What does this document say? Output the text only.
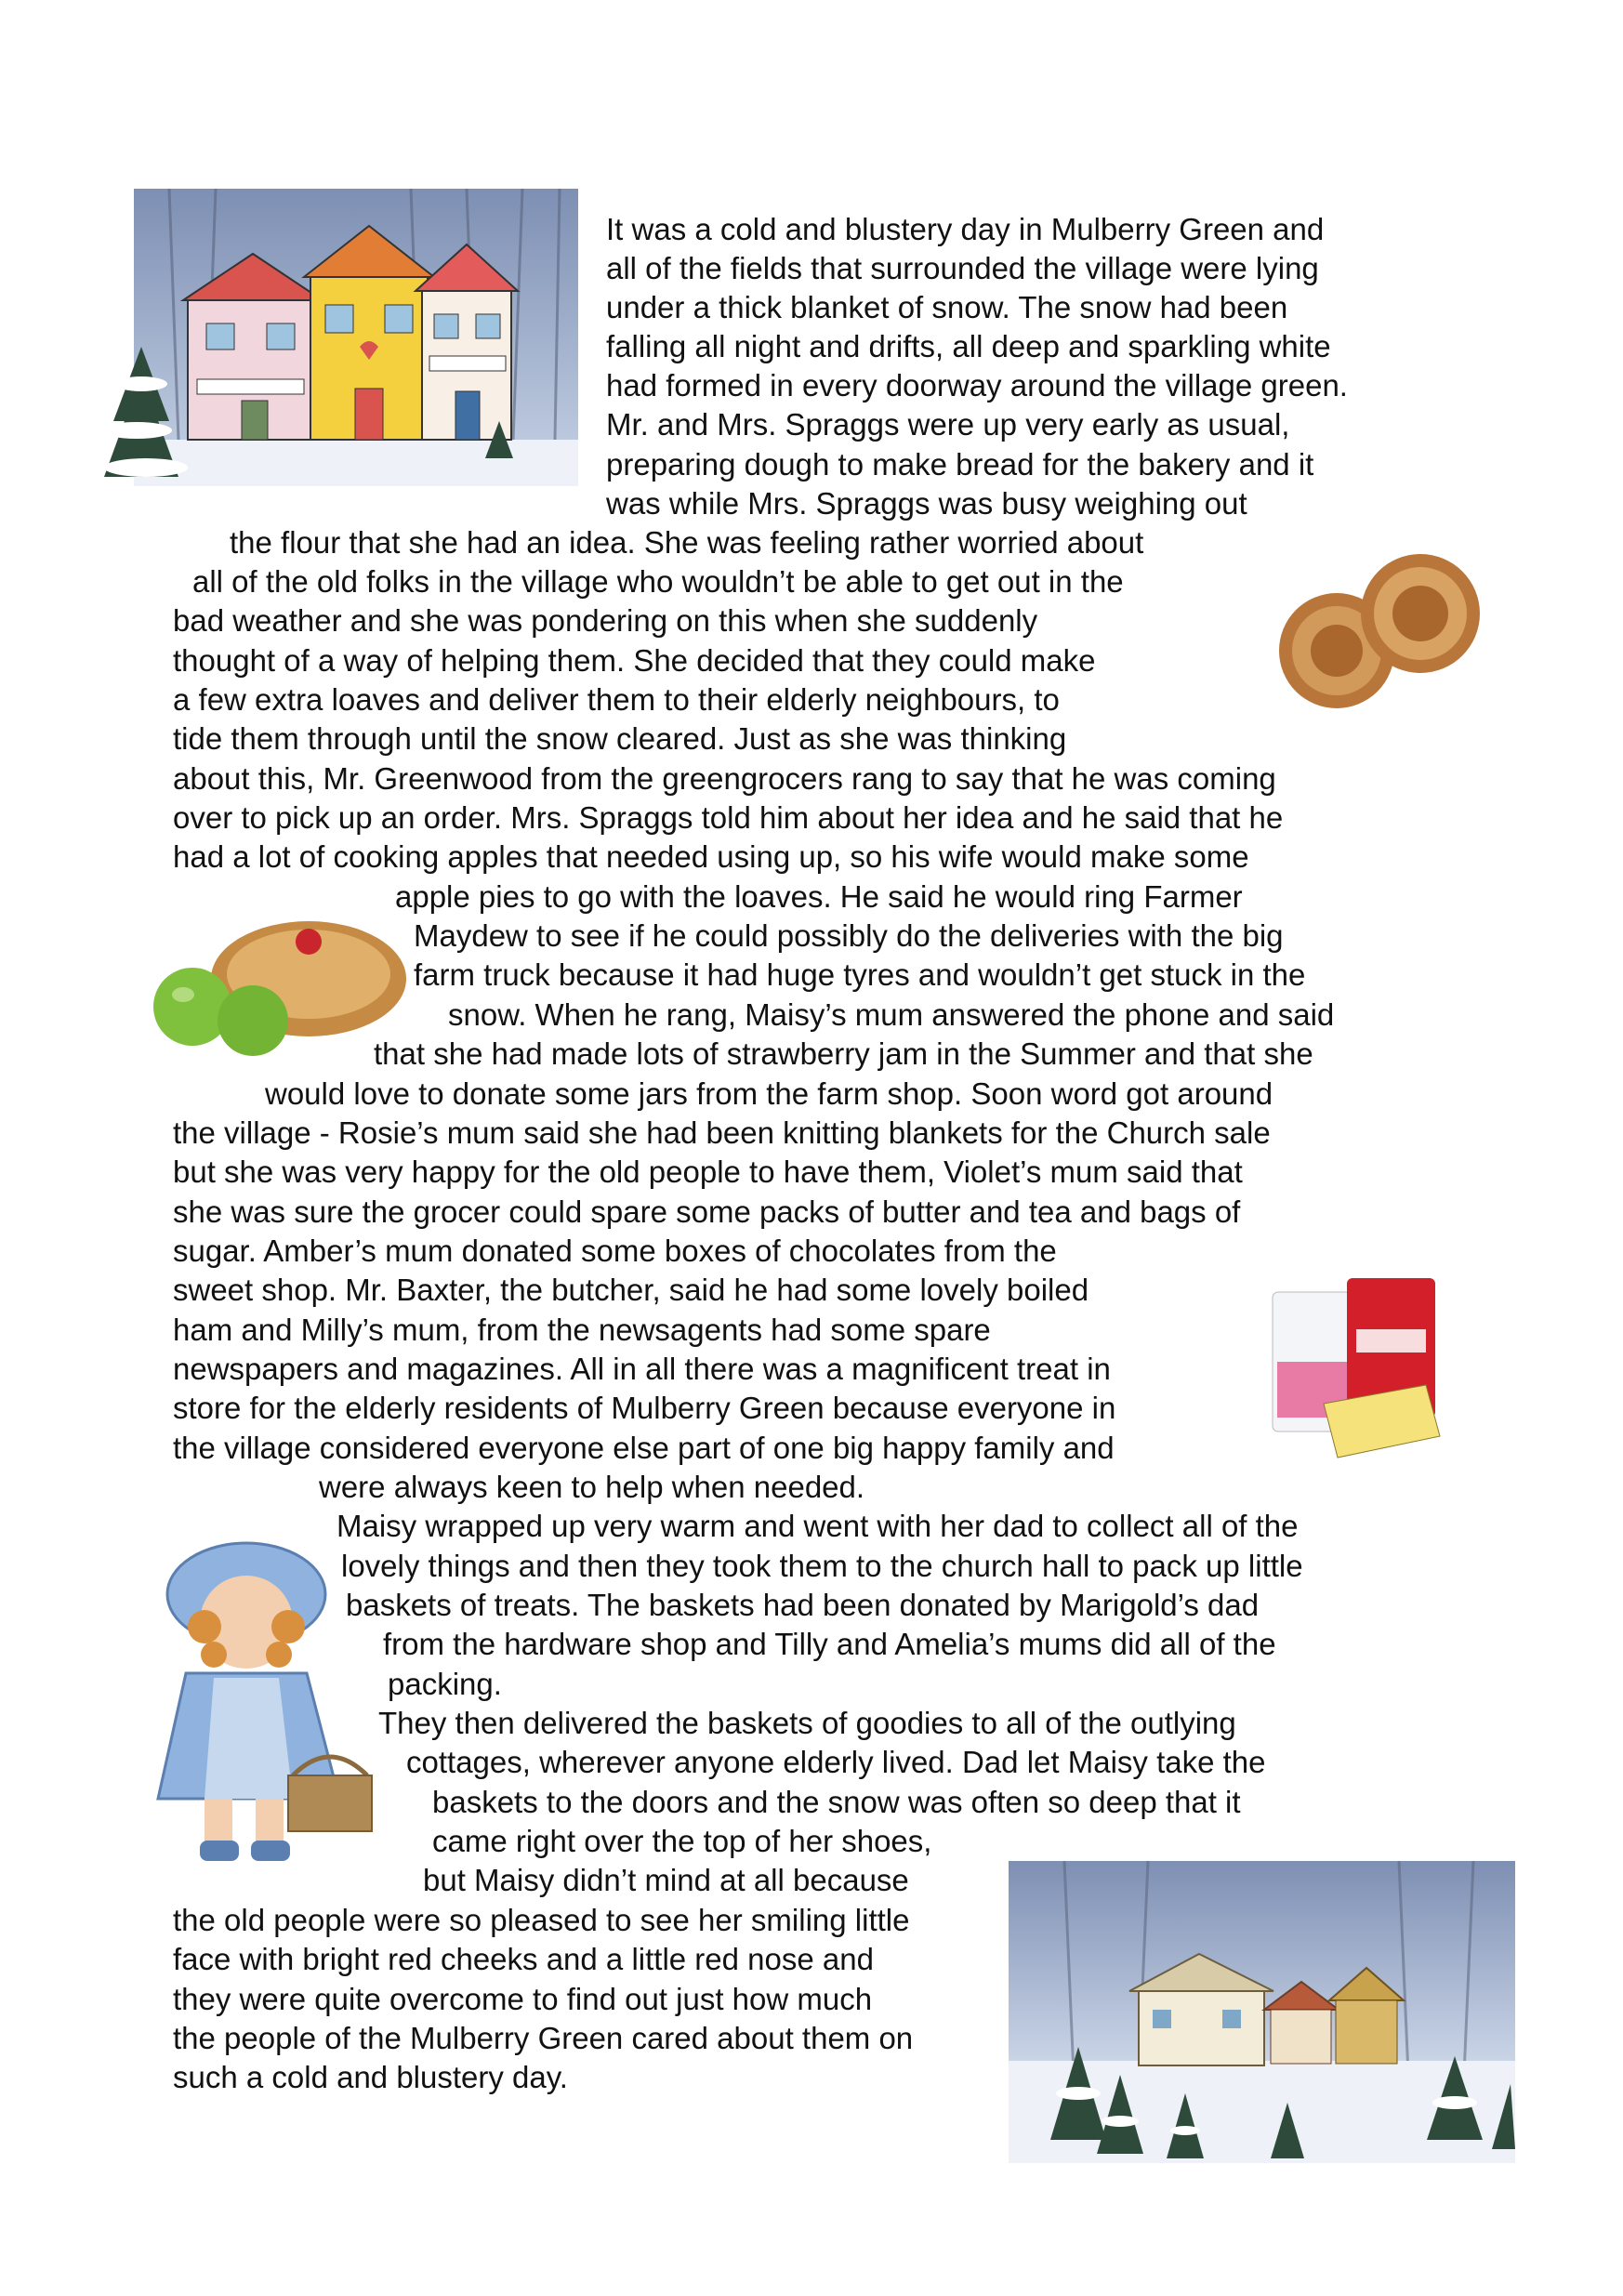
It was a cold and blustery day in Mulberry Green and
all of the fields that surrounded the village were lying
under a thick blanket of snow. The snow had been
falling all night and drifts, all deep and sparkling white
had formed in every doorway around the village green.
Mr. and Mrs. Spraggs were up very early as usual,
preparing dough to make bread for the bakery and it
was while Mrs. Spraggs was busy weighing out
the flour that she had an idea. She was feeling rather worried about
all of the old folks in the village who wouldn’t be able to get out in the
bad weather and she was pondering on this when she suddenly
thought of a way of helping them. She decided that they could make
a few extra loaves and deliver them to their elderly neighbours, to
tide them through until the snow cleared. Just as she was thinking
about this, Mr. Greenwood from the greengrocers rang to say that he was coming
over to pick up an order. Mrs. Spraggs told him about her idea and he said that he
had a lot of cooking apples that needed using up, so his wife would make some
apple pies to go with the loaves. He said he would ring Farmer
Maydew to see if he could possibly do the deliveries with the big
farm truck because it had huge tyres and wouldn’t get stuck in the
snow. When he rang, Maisy’s mum answered the phone and said
that she had made lots of strawberry jam in the Summer and that she
would love to donate some jars from the farm shop. Soon word got around
the village - Rosie’s mum said she had been knitting blankets for the Church sale
but she was very happy for the old people to have them, Violet’s mum said that
she was sure the grocer could spare some packs of butter and tea and bags of
sugar. Amber’s mum donated some boxes of chocolates from the
sweet shop. Mr. Baxter, the butcher, said he had some lovely boiled
ham and Milly’s mum, from the newsagents had some spare
newspapers and magazines. All in all there was a magnificent treat in
store for the elderly residents of Mulberry Green because everyone in
the village considered everyone else part of one big happy family and
were always keen to help when needed.
Maisy wrapped up very warm and went with her dad to collect all of the
lovely things and then they took them to the church hall to pack up little
baskets of treats. The baskets had been donated by Marigold’s dad
from the hardware shop and Tilly and Amelia’s mums did all of the
packing.
They then delivered the baskets of goodies to all of the outlying
cottages, wherever anyone elderly lived. Dad let Maisy take the
baskets to the doors and the snow was often so deep that it
came right over the top of her shoes,
but Maisy didn’t mind at all because
the old people were so pleased to see her smiling little
face with bright red cheeks and a little red nose and
they were quite overcome to find out just how much
the people of the Mulberry Green cared about them on
such a cold and blustery day.
